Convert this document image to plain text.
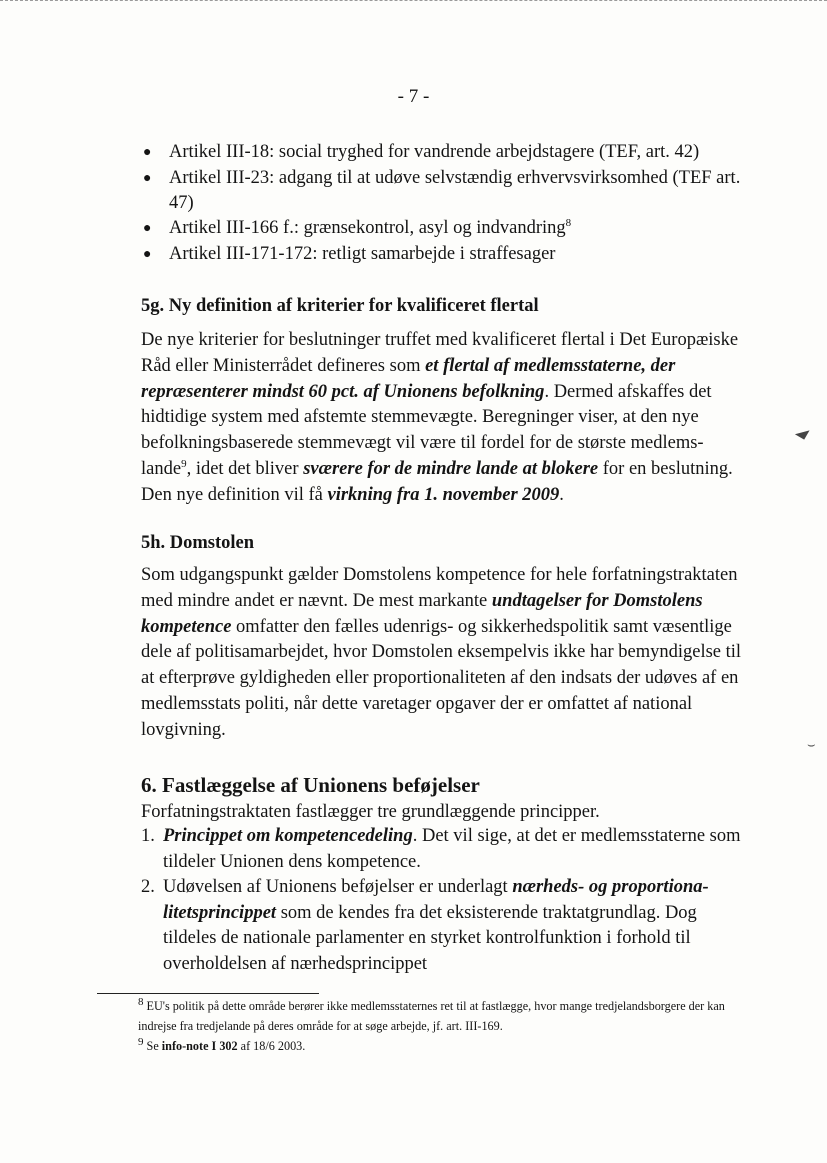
- 7 -
● Artikel III-18: social tryghed for vandrende arbejdstagere (TEF, art. 42)
● Artikel III-23: adgang til at udøve selvstændig erhvervsvirksomhed (TEF art. 47)
● Artikel III-166 f.: grænsekontrol, asyl og indvandring$^8$
● Artikel III-171-172: retligt samarbejde i straffesager
5g. Ny definition af kriterier for kvalificeret flertal

De nye kriterier for beslutninger truffet med kvalificeret flertal i Det Europæiske Råd eller Ministerrådet defineres som et flertal af medlemsstaterne, der repræsenterer mindst 60 pct. af Unionens befolkning. Dermed afskaffes det hidtidige system med afstemte stemmevægte. Beregninger viser, at den nye befolkningsbaserede stemmevægt vil være til fordel for de største medlemslande$^9$, idet det bliver sværere for de mindre lande at blokere for en beslutning. Den nye definition vil få virkning fra 1. november 2009.

5h. Domstolen

Som udgangspunkt gælder Domstolens kompetence for hele forfatningstraktaten med mindre andet er nævnt. De mest markante undtagelser for Domstolens kompetence omfatter den fælles udenrigs- og sikkerhedspolitik samt væsentlige dele af politisamarbejdet, hvor Domstolen eksempelvis ikke har bemyndigelse til at efterprøve gyldigheden eller proportionaliteten af den indsats der udøves af en medlemsstats politi, når dette varetager opgaver der er omfattet af national lovgivning.

6. Fastlæggelse af Unionens beføjelser

Forfatningstraktaten fastlægger tre grundlæggende principper.

1. Princippet om kompetencedeling. Det vil sige, at det er medlemsstaterne som tildeler Unionen dens kompetence.
2. Udøvelsen af Unionens beføjelser er underlagt nærheds- og proportionalitetsprincippet som de kendes fra det eksisterende traktatgrundlag. Dog tildeles de nationale parlamenter en styrket kontrolfunktion i forhold til overholdelsen af nærhedsprincippet

$^8$ EU's politik på dette område berører ikke medlemsstaternes ret til at fastlægge, hvor mange tredjelandsborgere der kan indrejse fra tredjelande på deres område for at søge arbejde, jf. art. III-169.

$^9$ Se info-note I 302 af 18/6 2003.

◢
⌣
